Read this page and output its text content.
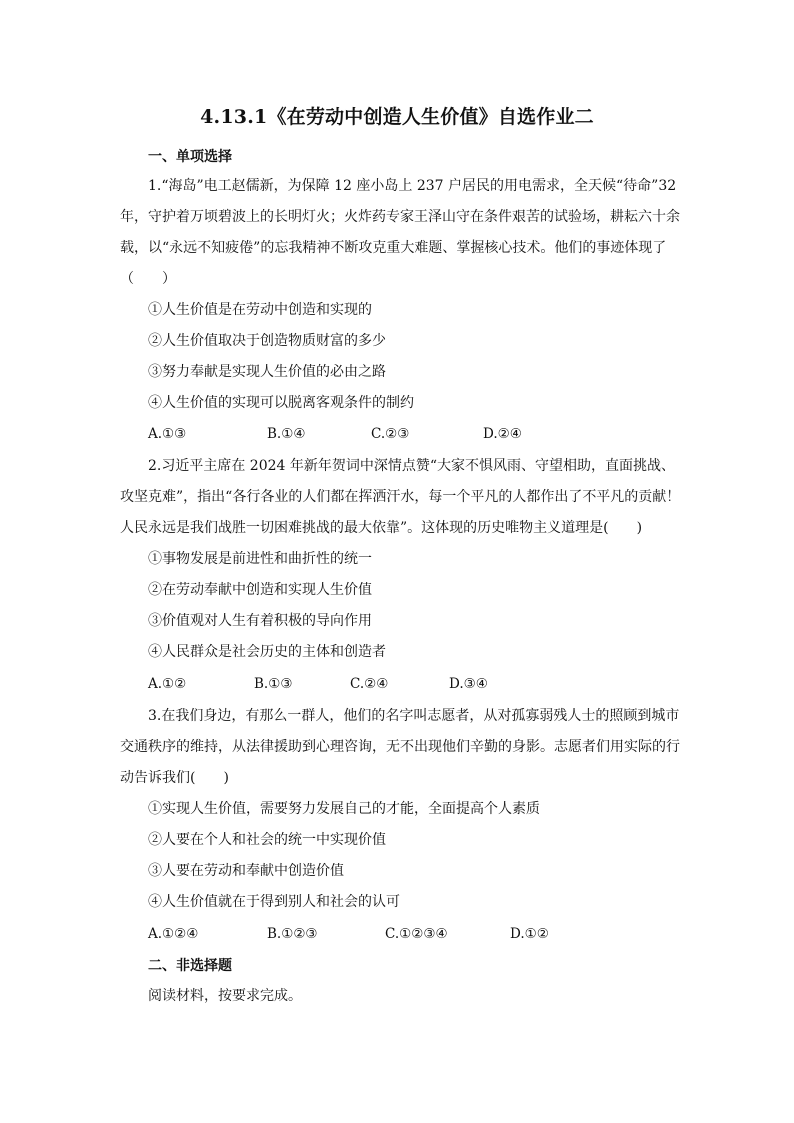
4.13.1《在劳动中创造人生价值》自选作业二
一、单项选择
1.“海岛”电工赵儒新，为保障 12 座小岛上 237 户居民的用电需求，全天候“待命”32
年，守护着万顷碧波上的长明灯火；火炸药专家王泽山守在条件艰苦的试验场，耕耘六十余
载，以“永远不知疲倦”的忘我精神不断攻克重大难题、掌握核心技术。他们的事迹体现了
（　　）
①人生价值是在劳动中创造和实现的
②人生价值取决于创造物质财富的多少
③努力奉献是实现人生价值的必由之路
④人生价值的实现可以脱离客观条件的制约
A.①③	B.①④	C.②③	D.②④
2.习近平主席在 2024 年新年贺词中深情点赞“大家不惧风雨、守望相助，直面挑战、
攻坚克难”，指出“各行各业的人们都在挥洒汗水，每一个平凡的人都作出了不平凡的贡献！
人民永远是我们战胜一切困难挑战的最大依靠”。这体现的历史唯物主义道理是(　　)
①事物发展是前进性和曲折性的统一
②在劳动奉献中创造和实现人生价值
③价值观对人生有着积极的导向作用
④人民群众是社会历史的主体和创造者
A.①②	B.①③	C.②④	D.③④
3.在我们身边，有那么一群人，他们的名字叫志愿者，从对孤寡弱残人士的照顾到城市
交通秩序的维持，从法律援助到心理咨询，无不出现他们辛勤的身影。志愿者们用实际的行
动告诉我们(　　)
①实现人生价值，需要努力发展自己的才能，全面提高个人素质
②人要在个人和社会的统一中实现价值
③人要在劳动和奉献中创造价值
④人生价值就在于得到别人和社会的认可
A.①②④	B.①②③	C.①②③④	D.①②
二、非选择题
阅读材料，按要求完成。
